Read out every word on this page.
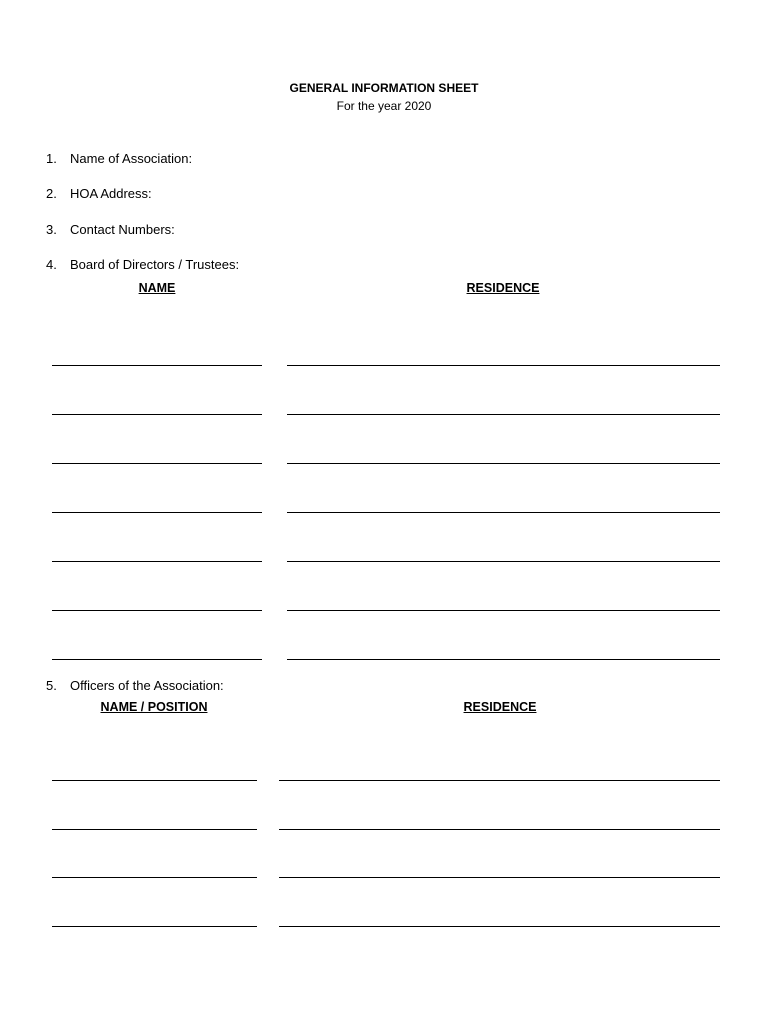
GENERAL INFORMATION SHEET
For the year 2020
1. Name of Association:
2. HOA Address:
3. Contact Numbers:
4. Board of Directors / Trustees:
NAME	RESIDENCE
5. Officers of the Association:
NAME / POSITION	RESIDENCE
